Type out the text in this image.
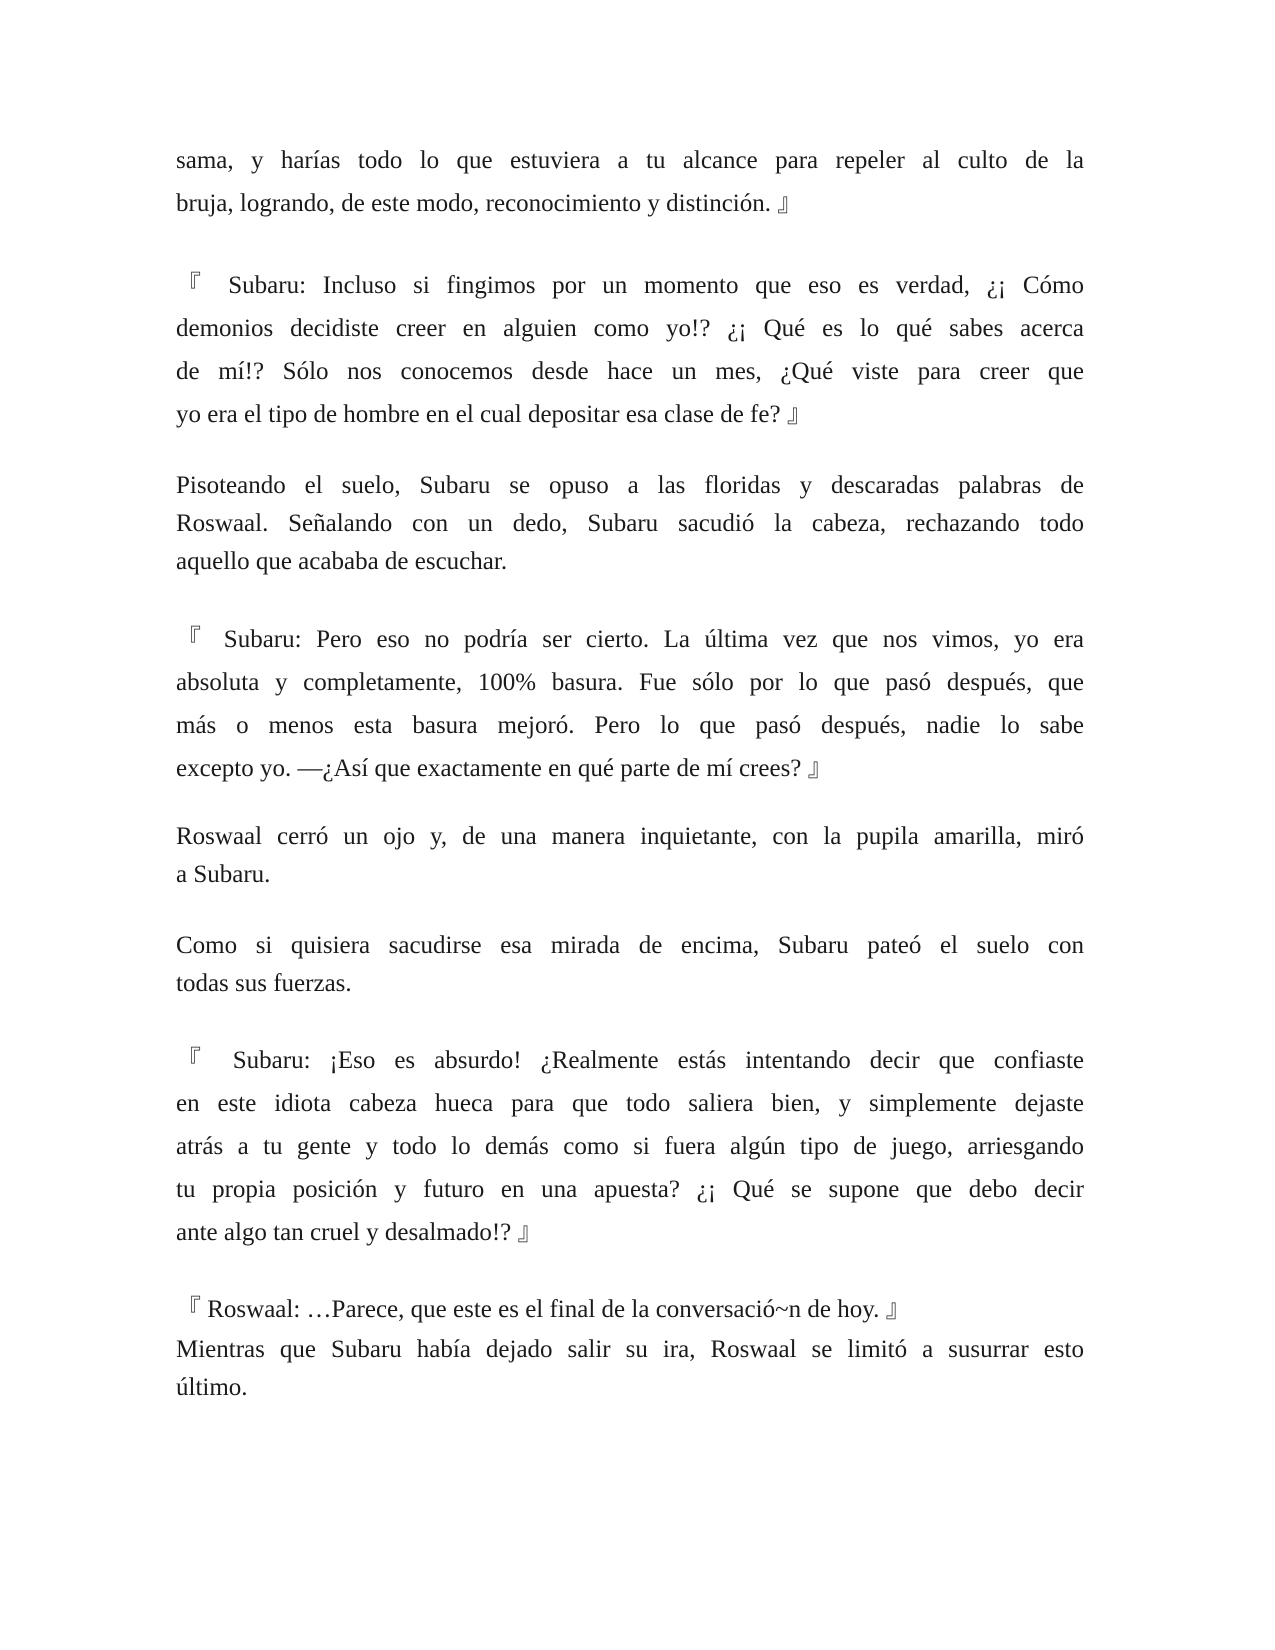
sama, y harías todo lo que estuviera a tu alcance para repeler al culto de la
bruja, logrando, de este modo, reconocimiento y distinción. 』
『 Subaru: Incluso si fingimos por un momento que eso es verdad, ¿¡ Cómo
demonios decidiste creer en alguien como yo!? ¿¡ Qué es lo qué sabes acerca
de mí!? Sólo nos conocemos desde hace un mes, ¿Qué viste para creer que
yo era el tipo de hombre en el cual depositar esa clase de fe? 』
Pisoteando el suelo, Subaru se opuso a las floridas y descaradas palabras de
Roswaal. Señalando con un dedo, Subaru sacudió la cabeza, rechazando todo
aquello que acababa de escuchar.
『 Subaru: Pero eso no podría ser cierto. La última vez que nos vimos, yo era
absoluta y completamente, 100% basura. Fue sólo por lo que pasó después, que
más o menos esta basura mejoró. Pero lo que pasó después, nadie lo sabe
excepto yo. —¿Así que exactamente en qué parte de mí crees? 』
Roswaal cerró un ojo y, de una manera inquietante, con la pupila amarilla, miró
a Subaru.
Como si quisiera sacudirse esa mirada de encima, Subaru pateó el suelo con
todas sus fuerzas.
『 Subaru: ¡Eso es absurdo! ¿Realmente estás intentando decir que confiaste
en este idiota cabeza hueca para que todo saliera bien, y simplemente dejaste
atrás a tu gente y todo lo demás como si fuera algún tipo de juego, arriesgando
tu propia posición y futuro en una apuesta? ¿¡ Qué se supone que debo decir
ante algo tan cruel y desalmado!? 』
『 Roswaal: …Parece, que este es el final de la conversació~n de hoy. 』
Mientras que Subaru había dejado salir su ira, Roswaal se limitó a susurrar esto
último.
